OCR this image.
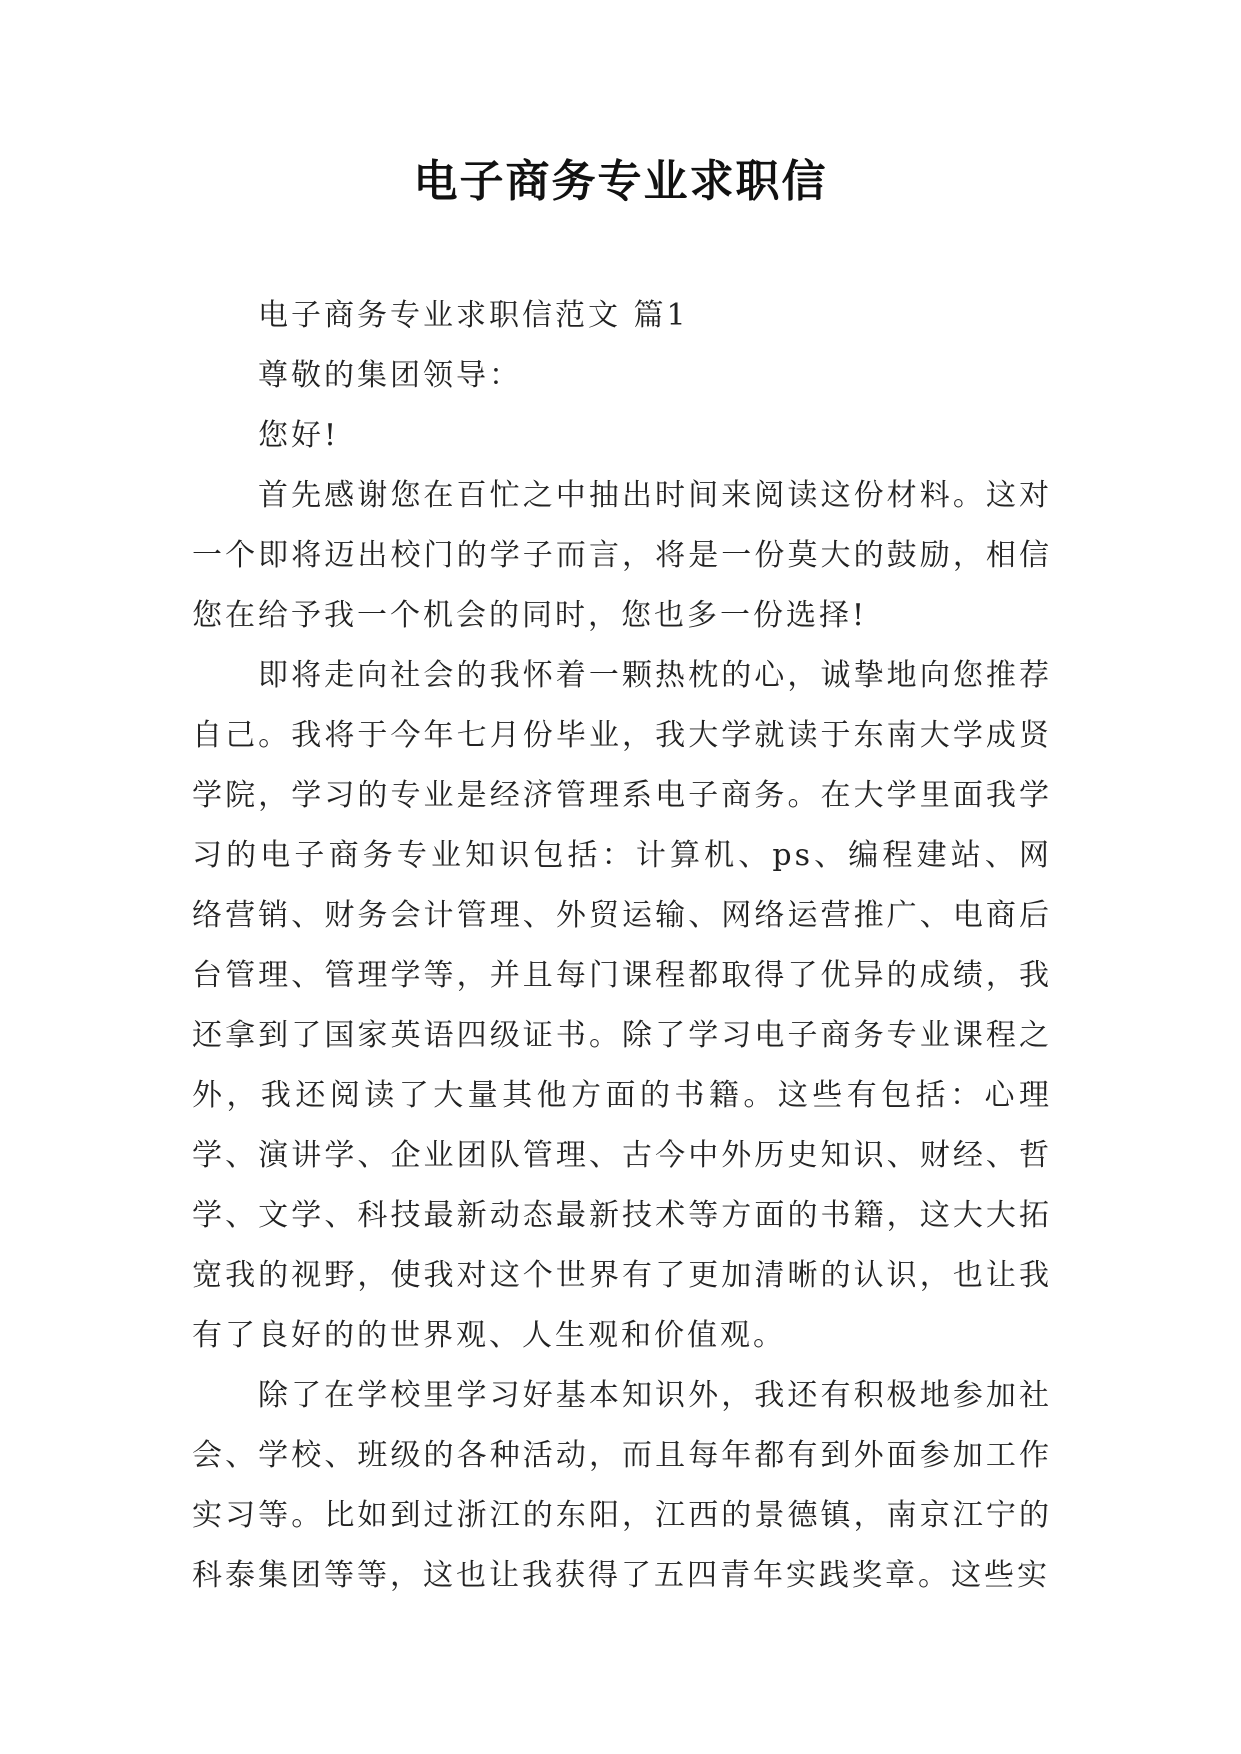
电子商务专业求职信

电子商务专业求职信范文 篇1

尊敬的集团领导：

您好!

首先感谢您在百忙之中抽出时间来阅读这份材料。这对一个即将迈出校门的学子而言，将是一份莫大的鼓励，相信您在给予我一个机会的同时，您也多一份选择!

即将走向社会的我怀着一颗热枕的心，诚挚地向您推荐自己。我将于今年七月份毕业，我大学就读于东南大学成贤学院，学习的专业是经济管理系电子商务。在大学里面我学习的电子商务专业知识包括：计算机、ps、编程建站、网络营销、财务会计管理、外贸运输、网络运营推广、电商后台管理、管理学等，并且每门课程都取得了优异的成绩，我还拿到了国家英语四级证书。除了学习电子商务专业课程之外，我还阅读了大量其他方面的书籍。这些有包括：心理学、演讲学、企业团队管理、古今中外历史知识、财经、哲学、文学、科技最新动态最新技术等方面的书籍，这大大拓宽我的视野，使我对这个世界有了更加清晰的认识，也让我有了良好的的世界观、人生观和价值观。

除了在学校里学习好基本知识外，我还有积极地参加社会、学校、班级的各种活动，而且每年都有到外面参加工作实习等。比如到过浙江的东阳，江西的景德镇，南京江宁的科泰集团等等，这也让我获得了五四青年实践奖章。这些实
